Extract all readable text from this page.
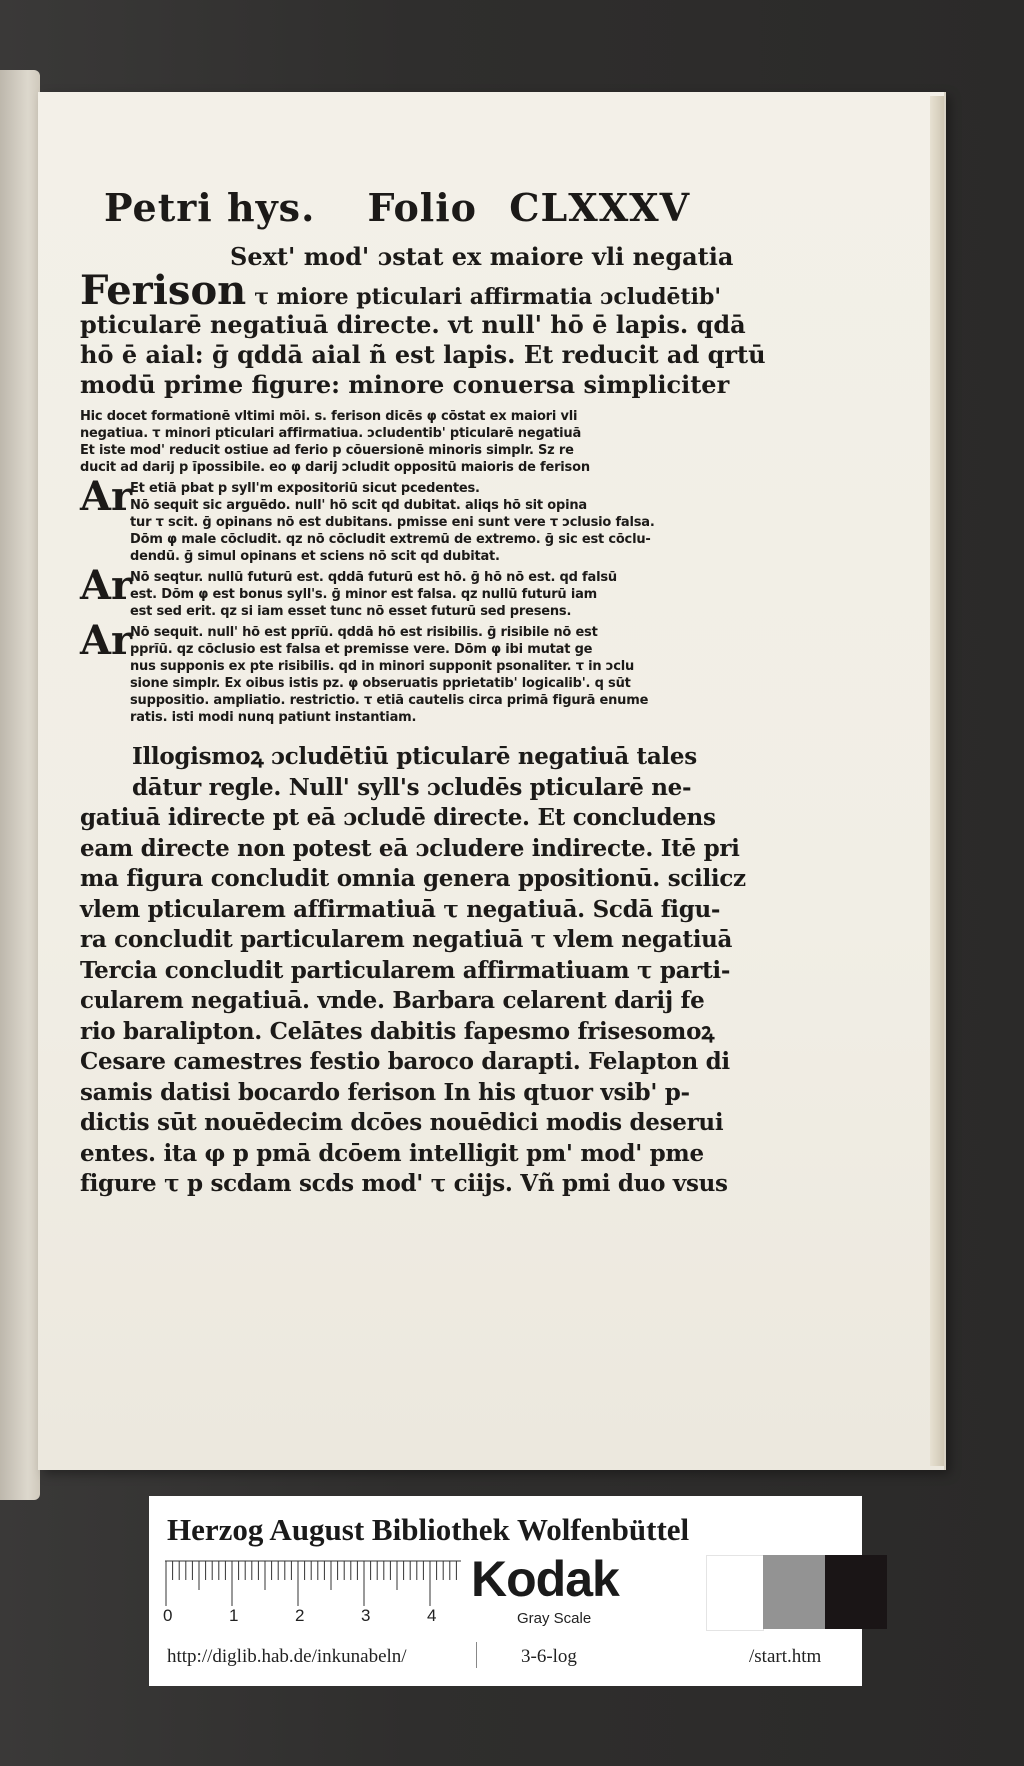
Petri hys. Folio CLXXXV

Sext' mod' ɔstat ex maiore vli negatia

Ferison τ miore pticulari affirmatia ɔcludētib'

pticularē negatiuā directe. vt null' hō ē lapis. qdā

hō ē aial: ḡ qddā aial ñ est lapis. Et reducit ad qrtū

modū prime figure: minore conuersa simpliciter

Hic docet formationē vltimi mōi. s. ferison dicēs φ cōstat ex maiori vli

negatiua. τ minori pticulari affirmatiua. ɔcludentib' pticularē negatiuā

Et iste mod' reducit ostiue ad ferio p cōuersionē minoris simplr. Sz re

ducit ad darij p īpossibile. eo φ darij ɔcludit oppositū maioris de ferison

Ar

Et etiā pbat p syll'm expositoriū sicut pcedentes.

Nō sequit sic arguēdo. null' hō scit qd dubitat. aliqs hō sit opina

tur τ scit. ḡ opinans nō est dubitans. pmisse eni sunt vere τ ɔclusio falsa.

Dōm φ male cōcludit. qz nō cōcludit extremū de extremo. ḡ sic est cōclu-

dendū. ḡ simul opinans et sciens nō scit qd dubitat.

Ar

Nō seqtur. nullū futurū est. qddā futurū est hō. ḡ hō nō est. qd falsū

est. Dōm φ est bonus syll's. ḡ minor est falsa. qz nullū futurū iam

est sed erit. qz si iam esset tunc nō esset futurū sed presens.

Ar

Nō sequit. null' hō est pprīū. qddā hō est risibilis. ḡ risibile nō est

pprīū. qz cōclusio est falsa et premisse vere. Dōm φ ibi mutat ge

nus supponis ex pte risibilis. qd in minori supponit psonaliter. τ in ɔclu

sione simplr. Ex oibus istis pz. φ obseruatis pprietatib' logicalib'. q sūt

suppositio. ampliatio. restrictio. τ etiā cautelis circa primā figurā enume

ratis. isti modi nunq patiunt instantiam.

Illogismoꝝ ɔcludētiū pticularē negatiuā tales

dātur regle. Null' syll's ɔcludēs pticularē ne-

gatiuā idirecte pt eā ɔcludē directe. Et concludens

eam directe non potest eā ɔcludere indirecte. Itē pri

ma figura concludit omnia genera ppositionū. scilicz

vlem pticularem affirmatiuā τ negatiuā. Scdā figu-

ra concludit particularem negatiuā τ vlem negatiuā

Tercia concludit particularem affirmatiuam τ parti-

cularem negatiuā. vnde. Barbara celarent darij fe

rio baralipton. Celātes dabitis fapesmo frisesomoꝝ

Cesare camestres festio baroco darapti. Felapton di

samis datisi bocardo ferison In his qtuor vsib' p-

dictis sūt nouēdecim dcōes nouēdici modis deserui

entes. ita φ p pmā dcōem intelligit pm' mod' pme

figure τ p scdam scds mod' τ ciijs. Vñ pmi duo vsus

Herzog August Bibliothek Wolfenbüttel
0	1	2	3	4
Kodak
Gray Scale
http://diglib.hab.de/inkunabeln/	3-6-log	/start.htm
